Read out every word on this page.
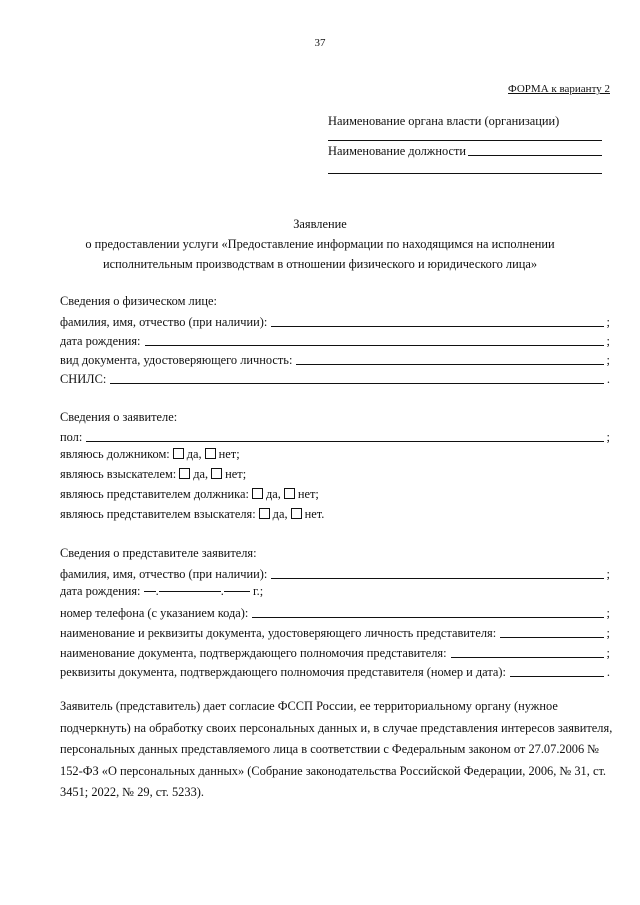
37
ФОРМА к варианту 2
Наименование органа власти (организации)
Наименование должности
Заявление
о предоставлении услуги «Предоставление информации по находящимся на исполнении
исполнительным производствам в отношении физического и юридического лица»
Сведения о физическом лице:
фамилия, имя, отчество (при наличии):	;
дата рождения:	;
вид документа, удостоверяющего личность:	;
СНИЛС:	.
Сведения о заявителе:
пол:	;
являюсь должником: да, нет;
являюсь взыскателем: да, нет;
являюсь представителем должника: да, нет;
являюсь представителем взыскателя: да, нет.
Сведения о представителе заявителя:
фамилия, имя, отчество (при наличии):	;
дата рождения: .	. г.;
номер телефона (с указанием кода):	;
наименование и реквизиты документа, удостоверяющего личность представителя:	;
наименование документа, подтверждающего полномочия представителя:	;
реквизиты документа, подтверждающего полномочия представителя (номер и дата):	.
Заявитель (представитель) дает согласие ФССП России, ее территориальному органу (нужное подчеркнуть) на обработку своих персональных данных и, в случае представления интересов заявителя, персональных данных представляемого лица в соответствии с Федеральным законом от 27.07.2006 № 152-ФЗ «О персональных данных» (Собрание законодательства Российской Федерации, 2006, № 31, ст. 3451; 2022, № 29, ст. 5233).
